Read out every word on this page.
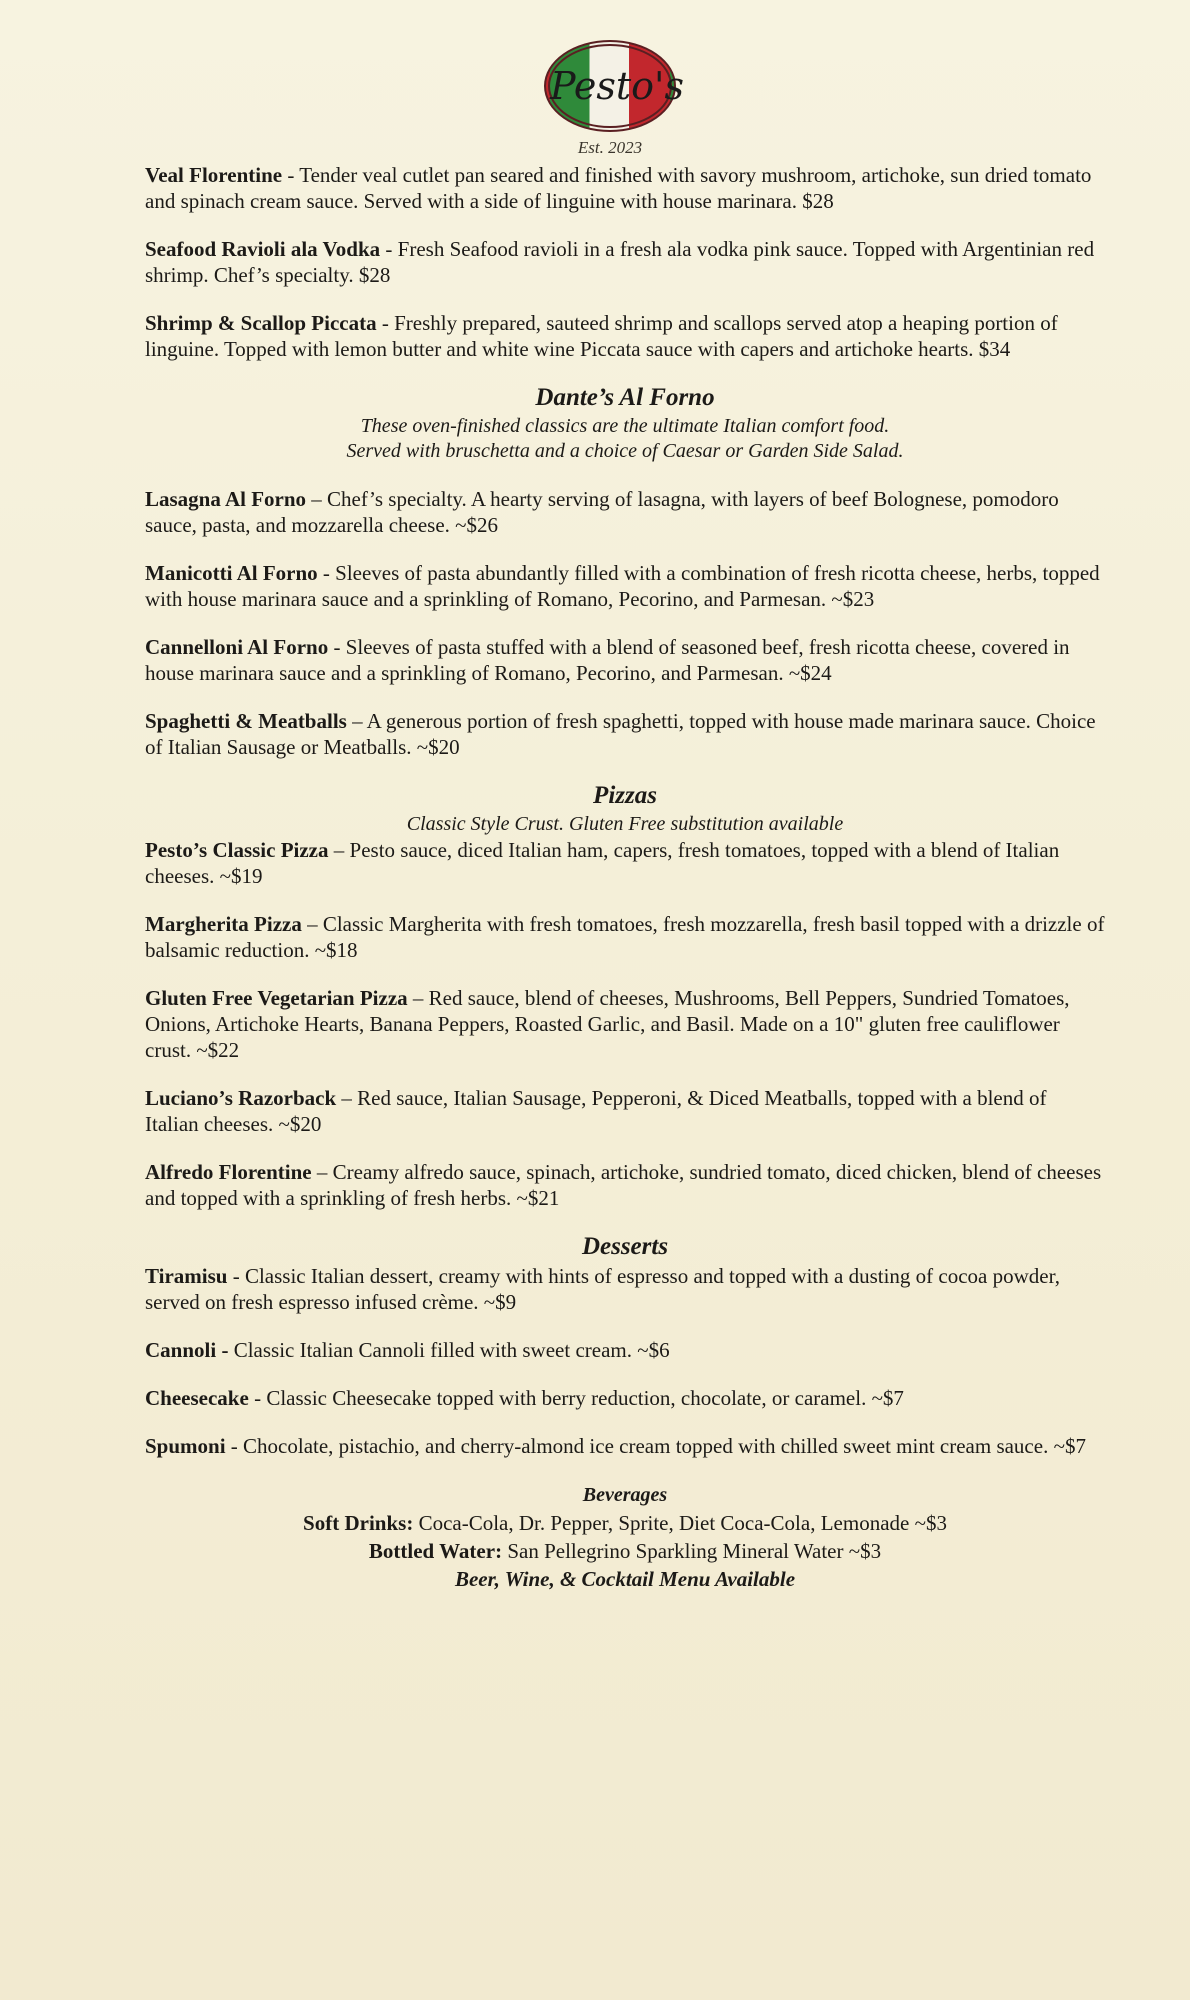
Pesto's
Est. 2023
Veal Florentine - Tender veal cutlet pan seared and finished with savory mushroom, artichoke, sun dried tomato and spinach cream sauce. Served with a side of linguine with house marinara. $28
Seafood Ravioli ala Vodka - Fresh Seafood ravioli in a fresh ala vodka pink sauce. Topped with Argentinian red shrimp. Chef’s specialty. $28
Shrimp & Scallop Piccata - Freshly prepared, sauteed shrimp and scallops served atop a heaping portion of linguine. Topped with lemon butter and white wine Piccata sauce with capers and artichoke hearts. $34
Dante’s Al Forno
These oven-finished classics are the ultimate Italian comfort food.
Served with bruschetta and a choice of Caesar or Garden Side Salad.
Lasagna Al Forno – Chef’s specialty. A hearty serving of lasagna, with layers of beef Bolognese, pomodoro sauce, pasta, and mozzarella cheese. ~$26
Manicotti Al Forno - Sleeves of pasta abundantly filled with a combination of fresh ricotta cheese, herbs, topped with house marinara sauce and a sprinkling of Romano, Pecorino, and Parmesan. ~$23
Cannelloni Al Forno - Sleeves of pasta stuffed with a blend of seasoned beef, fresh ricotta cheese, covered in house marinara sauce and a sprinkling of Romano, Pecorino, and Parmesan. ~$24
Spaghetti & Meatballs – A generous portion of fresh spaghetti, topped with house made marinara sauce. Choice of Italian Sausage or Meatballs. ~$20
Pizzas
Classic Style Crust. Gluten Free substitution available
Pesto’s Classic Pizza – Pesto sauce, diced Italian ham, capers, fresh tomatoes, topped with a blend of Italian cheeses. ~$19
Margherita Pizza – Classic Margherita with fresh tomatoes, fresh mozzarella, fresh basil topped with a drizzle of balsamic reduction. ~$18
Gluten Free Vegetarian Pizza – Red sauce, blend of cheeses, Mushrooms, Bell Peppers, Sundried Tomatoes, Onions, Artichoke Hearts, Banana Peppers, Roasted Garlic, and Basil. Made on a 10" gluten free cauliflower crust. ~$22
Luciano’s Razorback – Red sauce, Italian Sausage, Pepperoni, & Diced Meatballs, topped with a blend of Italian cheeses. ~$20
Alfredo Florentine – Creamy alfredo sauce, spinach, artichoke, sundried tomato, diced chicken, blend of cheeses and topped with a sprinkling of fresh herbs. ~$21
Desserts
Tiramisu - Classic Italian dessert, creamy with hints of espresso and topped with a dusting of cocoa powder, served on fresh espresso infused crème. ~$9
Cannoli - Classic Italian Cannoli filled with sweet cream. ~$6
Cheesecake - Classic Cheesecake topped with berry reduction, chocolate, or caramel. ~$7
Spumoni - Chocolate, pistachio, and cherry-almond ice cream topped with chilled sweet mint cream sauce. ~$7
Beverages
Soft Drinks: Coca-Cola, Dr. Pepper, Sprite, Diet Coca-Cola, Lemonade ~$3
Bottled Water: San Pellegrino Sparkling Mineral Water ~$3
Beer, Wine, & Cocktail Menu Available
